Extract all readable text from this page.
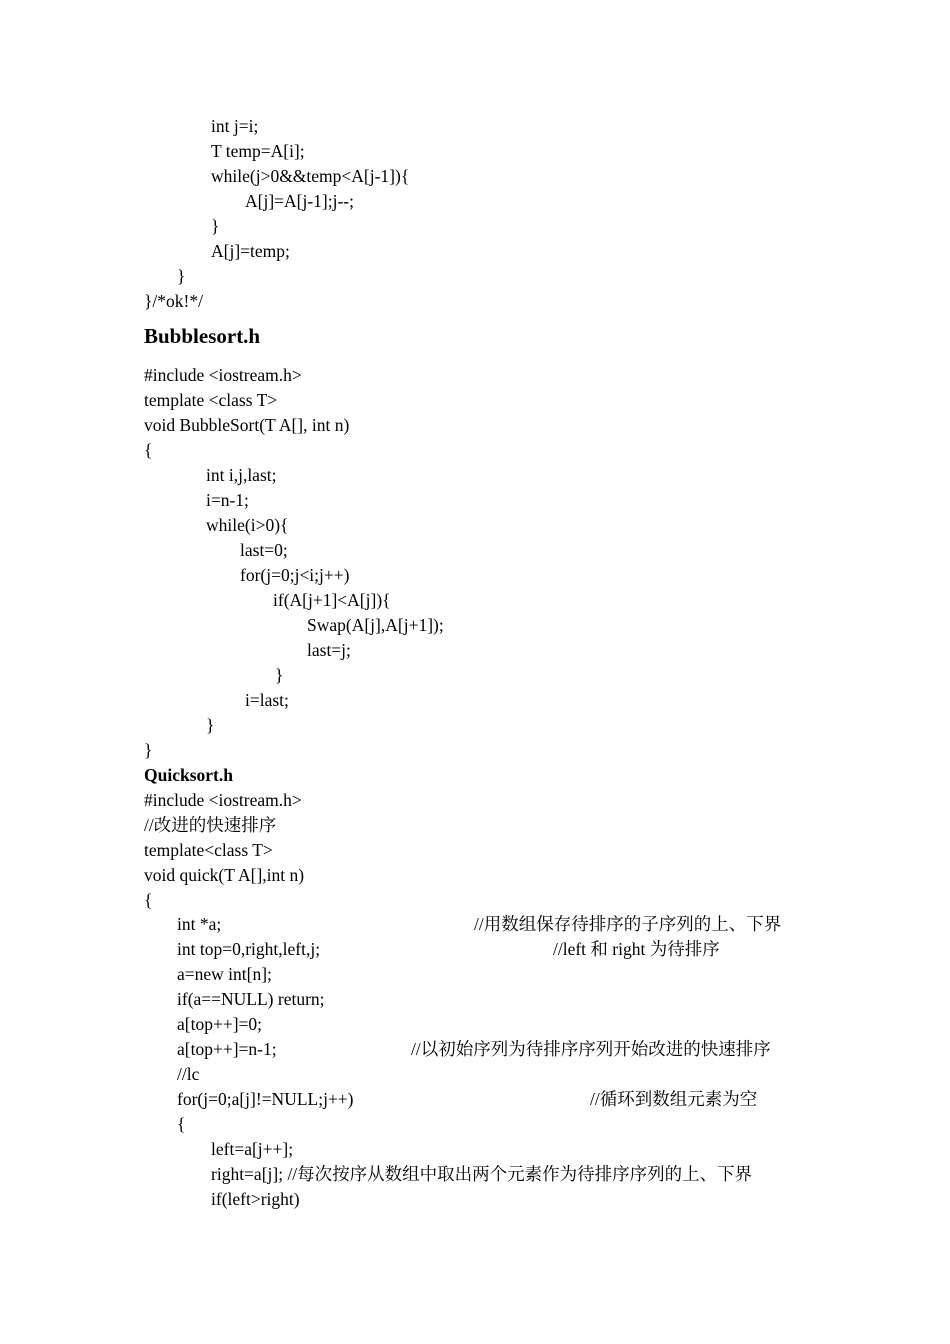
int j=i;
T temp=A[i];
while(j>0&&temp<A[j-1]){
A[j]=A[j-1];j--;
}
A[j]=temp;
}
}/*ok!*/
Bubblesort.h
#include <iostream.h>
template <class T>
void BubbleSort(T A[], int n)
{
int i,j,last;
i=n-1;
while(i>0){
last=0;
for(j=0;j<i;j++)
if(A[j+1]<A[j]){
Swap(A[j],A[j+1]);
last=j;
}
i=last;
}
}
Quicksort.h
#include <iostream.h>
//改进的快速排序
template<class T>
void quick(T A[],int n)
{
int *a;	//用数组保存待排序的子序列的上、下界
int top=0,right,left,j;	//left 和 right 为待排序
a=new int[n];
if(a==NULL) return;
a[top++]=0;
a[top++]=n-1;	//以初始序列为待排序序列开始改进的快速排序
//lc
for(j=0;a[j]!=NULL;j++)	//循环到数组元素为空
{
left=a[j++];
right=a[j]; //每次按序从数组中取出两个元素作为待排序序列的上、下界
if(left>right)
